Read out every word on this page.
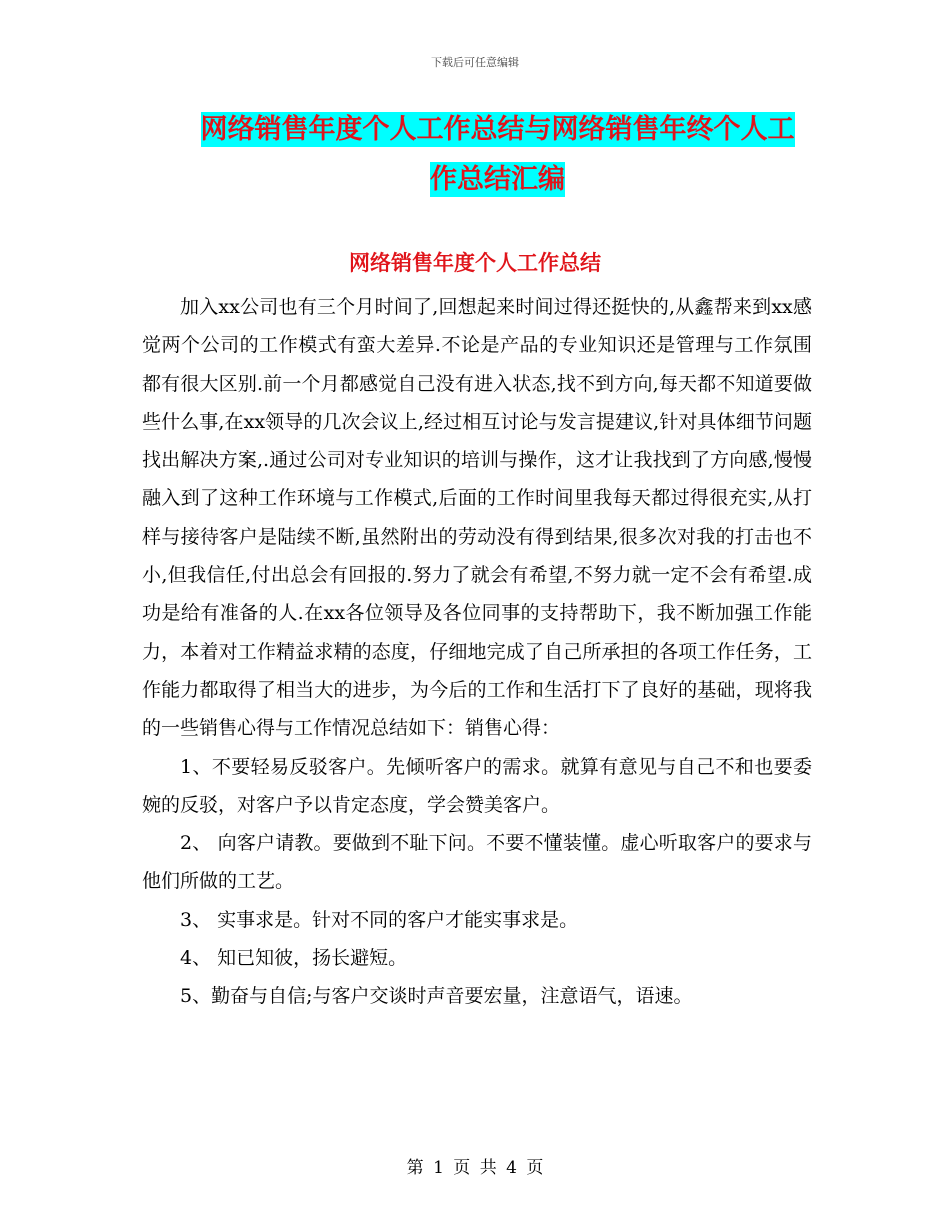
下载后可任意编辑
网络销售年度个人工作总结与网络销售年终个人工作总结汇编
网络销售年度个人工作总结

加入xx公司也有三个月时间了,回想起来时间过得还挺快的,从鑫帮来到xx感觉两个公司的工作模式有蛮大差异.不论是产品的专业知识还是管理与工作氛围都有很大区别.前一个月都感觉自己没有进入状态,找不到方向,每天都不知道要做些什么事,在xx领导的几次会议上,经过相互讨论与发言提建议,针对具体细节问题找出解决方案,.通过公司对专业知识的培训与操作，这才让我找到了方向感,慢慢融入到了这种工作环境与工作模式,后面的工作时间里我每天都过得很充实,从打样与接待客户是陆续不断,虽然附出的劳动没有得到结果,很多次对我的打击也不小,但我信任,付出总会有回报的.努力了就会有希望,不努力就一定不会有希望.成功是给有准备的人.在xx各位领导及各位同事的支持帮助下，我不断加强工作能力，本着对工作精益求精的态度，仔细地完成了自己所承担的各项工作任务，工作能力都取得了相当大的进步，为今后的工作和生活打下了良好的基础，现将我的一些销售心得与工作情况总结如下：销售心得：

1、不要轻易反驳客户。先倾听客户的需求。就算有意见与自己不和也要委婉的反驳，对客户予以肯定态度，学会赞美客户。

2、 向客户请教。要做到不耻下问。不要不懂装懂。虚心听取客户的要求与他们所做的工艺。

3、 实事求是。针对不同的客户才能实事求是。

4、 知已知彼，扬长避短。

5、勤奋与自信;与客户交谈时声音要宏量，注意语气，语速。

第 1 页 共 4 页
